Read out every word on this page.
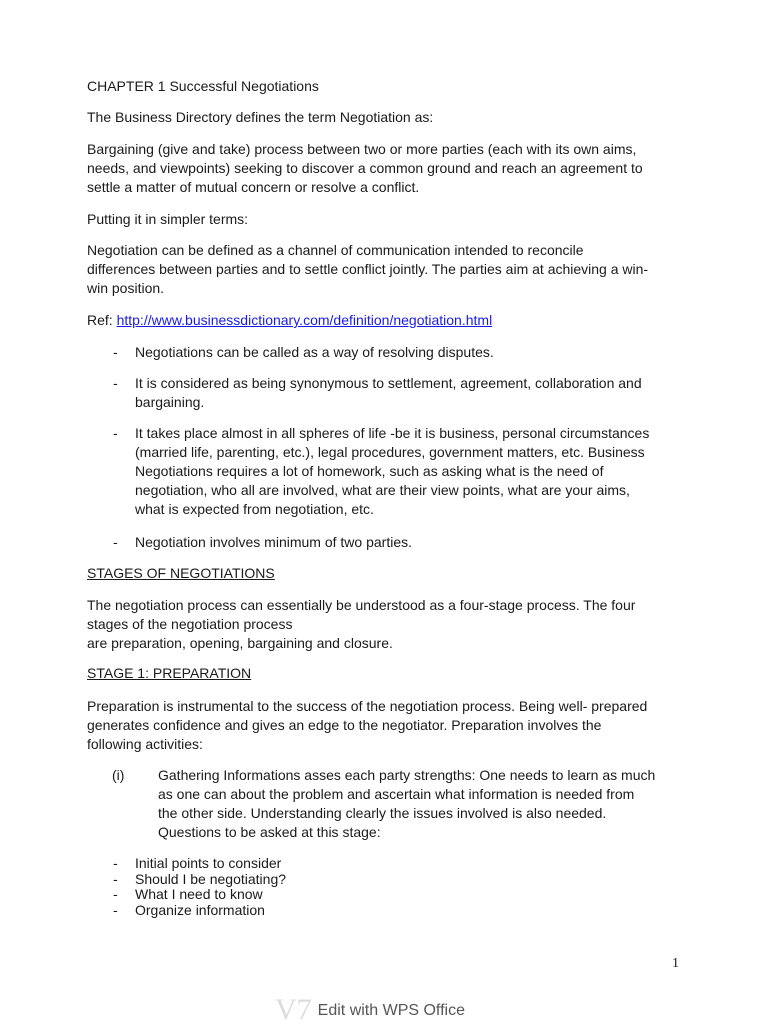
CHAPTER 1 Successful Negotiations

The Business Directory defines the term Negotiation as:

Bargaining (give and take) process between two or more parties (each with its own aims,

needs, and viewpoints) seeking to discover a common ground and reach an agreement to

settle a matter of mutual concern or resolve a conflict.

Putting it in simpler terms:

Negotiation can be defined as a channel of communication intended to reconcile

differences between parties and to settle conflict jointly. The parties aim at achieving a win-

win position.

Ref: http://www.businessdictionary.com/definition/negotiation.html

- Negotiations can be called as a way of resolving disputes.
- It is considered as being synonymous to settlement, agreement, collaboration and
bargaining.
- It takes place almost in all spheres of life -be it is business, personal circumstances
(married life, parenting, etc.), legal procedures, government matters, etc. Business
Negotiations requires a lot of homework, such as asking what is the need of
negotiation, who all are involved, what are their view points, what are your aims,
what is expected from negotiation, etc.
- Negotiation involves minimum of two parties.

STAGES OF NEGOTIATIONS

The negotiation process can essentially be understood as a four-stage process. The four

stages of the negotiation process

are preparation, opening, bargaining and closure.

STAGE 1: PREPARATION

Preparation is instrumental to the success of the negotiation process. Being well- prepared

generates confidence and gives an edge to the negotiator. Preparation involves the

following activities:

(i) Gathering Informations asses each party strengths: One needs to learn as much
as one can about the problem and ascertain what information is needed from
the other side. Understanding clearly the issues involved is also needed.
Questions to be asked at this stage:
- Initial points to consider
- Should I be negotiating?
- What I need to know
- Organize information
1
V7 Edit with WPS Office
